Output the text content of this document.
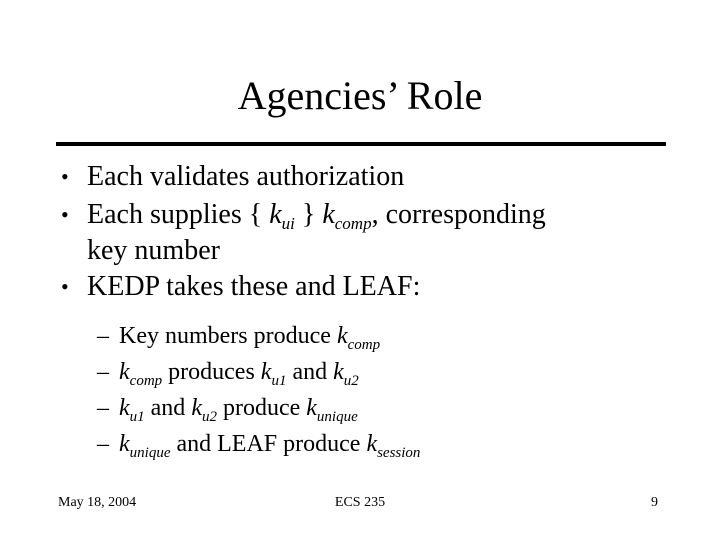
Agencies’ Role
• Each validates authorization
• Each supplies { $k_{ui}$ } $k_{comp}$, corresponding
key number
• KEDP takes these and LEAF:
– Key numbers produce $k_{comp}$
– $k_{comp}$ produces $k_{u1}$ and $k_{u2}$
– $k_{u1}$ and $k_{u2}$ produce $k_{unique}$
– $k_{unique}$ and LEAF produce $k_{session}$
May 18, 2004	ECS 235	9
